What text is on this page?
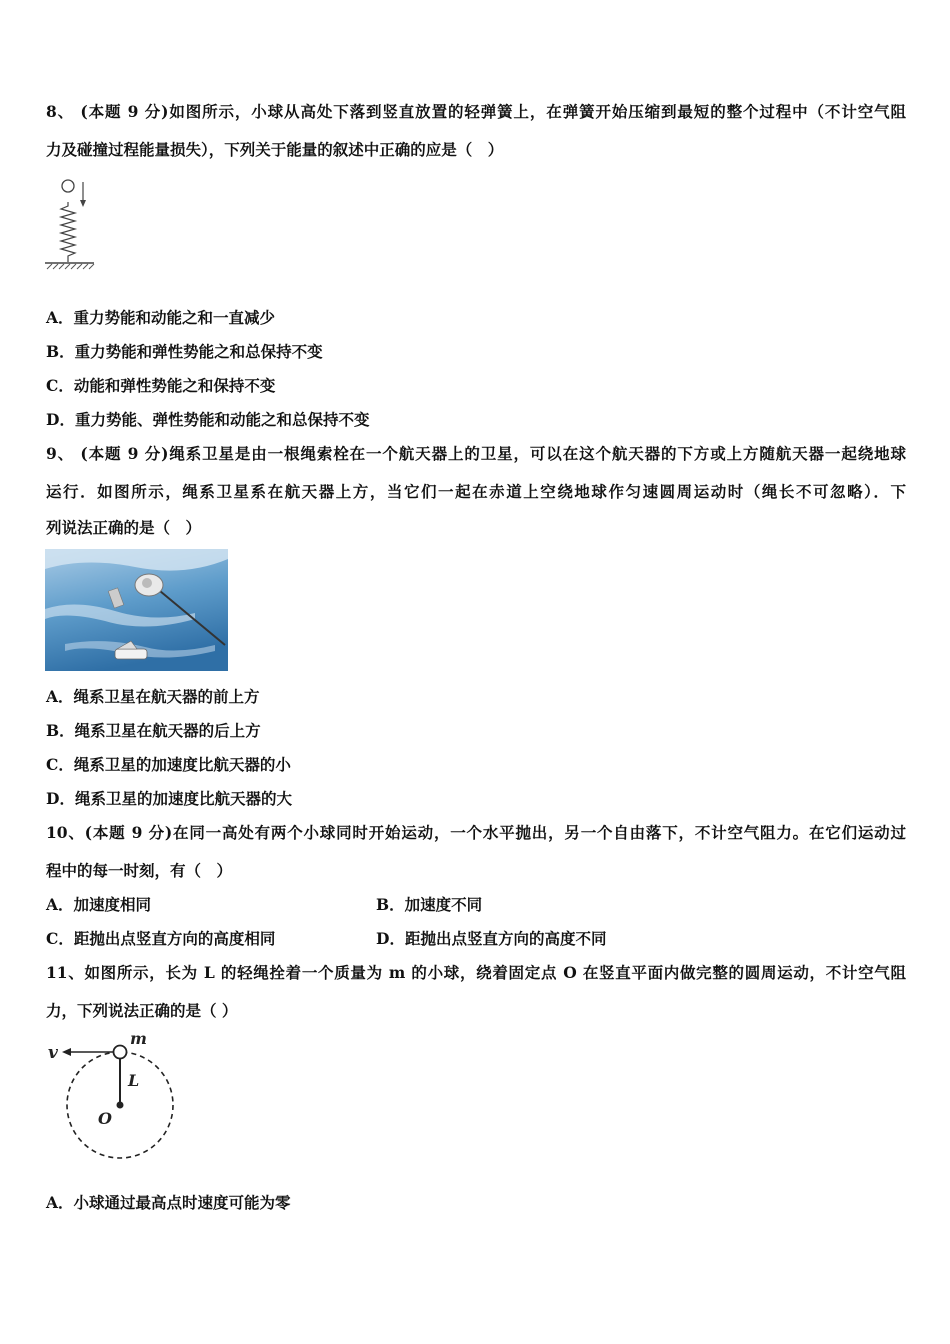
8、 (本题 9 分)如图所示，小球从高处下落到竖直放置的轻弹簧上，在弹簧开始压缩到最短的整个过程中（不计空气阻
力及碰撞过程能量损失），下列关于能量的叙述中正确的应是（　）
A．重力势能和动能之和一直减少
B．重力势能和弹性势能之和总保持不变
C．动能和弹性势能之和保持不变
D．重力势能、弹性势能和动能之和总保持不变
9、 (本题 9 分)绳系卫星是由一根绳索栓在一个航天器上的卫星，可以在这个航天器的下方或上方随航天器一起绕地球
运行．如图所示，绳系卫星系在航天器上方，当它们一起在赤道上空绕地球作匀速圆周运动时（绳长不可忽略）．下
列说法正确的是（　）
A．绳系卫星在航天器的前上方
B．绳系卫星在航天器的后上方
C．绳系卫星的加速度比航天器的小
D．绳系卫星的加速度比航天器的大
10、(本题 9 分)在同一高处有两个小球同时开始运动，一个水平抛出，另一个自由落下，不计空气阻力。在它们运动过
程中的每一时刻，有（　）
A．加速度相同	B．加速度不同
C．距抛出点竖直方向的高度相同	D．距抛出点竖直方向的高度不同
11、如图所示，长为 L 的轻绳拴着一个质量为 m 的小球，绕着固定点 O 在竖直平面内做完整的圆周运动，不计空气阻
力，下列说法正确的是（ ）
v
m
L
O
A．小球通过最高点时速度可能为零
